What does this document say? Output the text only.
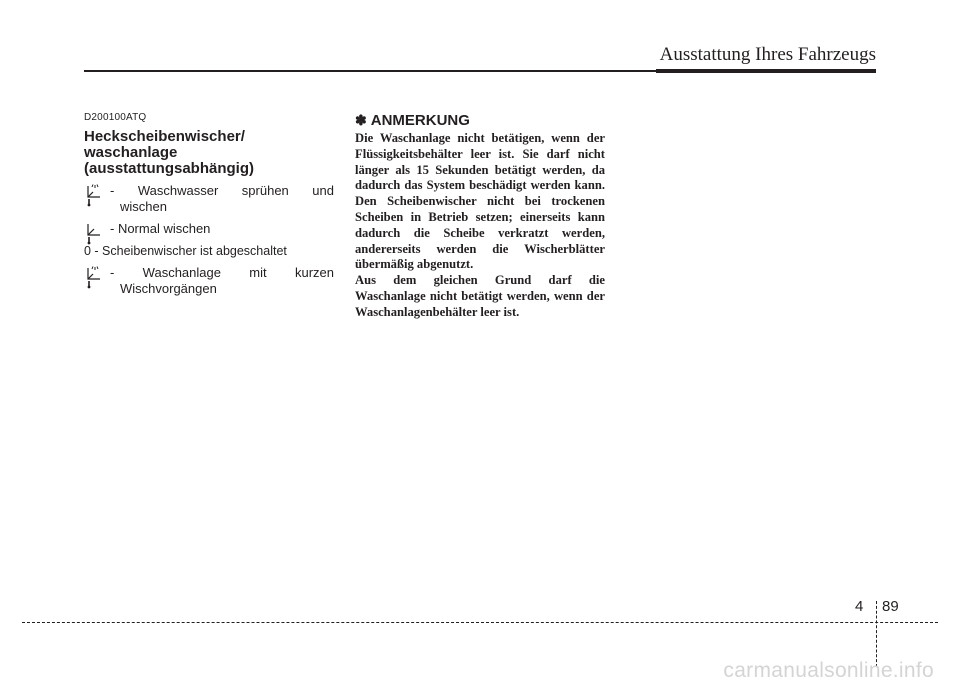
Ausstattung Ihres Fahrzeugs
D200100ATQ
Heckscheibenwischer/
waschanlage
(ausstattungsabhängig)
- Waschwasser sprühen und
wischen
- Normal wischen
0 - Scheibenwischer ist abgeschaltet
- Waschanlage mit kurzen
Wischvorgängen
✽ ANMERKUNG

Die Waschanlage nicht betätigen, wenn der Flüssigkeitsbehälter leer ist. Sie darf nicht länger als 15 Sekunden betätigt werden, da dadurch das System beschädigt werden kann. Den Scheibenwischer nicht bei trockenen Scheiben in Betrieb setzen; einerseits kann dadurch die Scheibe verkratzt werden, andererseits werden die Wischerblätter übermäßig abgenutzt.

Aus dem gleichen Grund darf die Waschanlage nicht betätigt werden, wenn der Waschanlagenbehälter leer ist.

4 89
carmanualsonline.info
